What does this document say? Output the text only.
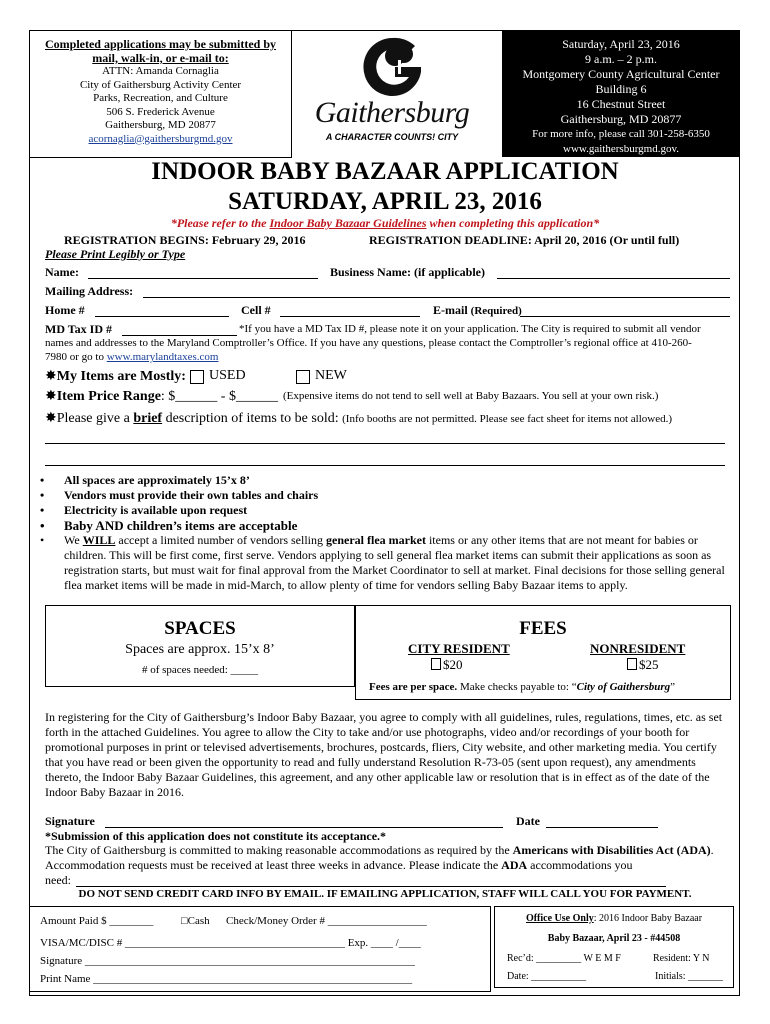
Completed applications may be submitted by
mail, walk-in, or e-mail to:
ATTN: Amanda Cornaglia
City of Gaithersburg Activity Center
Parks, Recreation, and Culture
506 S. Frederick Avenue
Gaithersburg, MD 20877
acornaglia@gaithersburgmd.gov
Gaithersburg
A CHARACTER COUNTS! CITY
Saturday, April 23, 2016
9 a.m. – 2 p.m.
Montgomery County Agricultural Center
Building 6
16 Chestnut Street
Gaithersburg, MD 20877
For more info, please call 301-258-6350
www.gaithersburgmd.gov.
INDOOR BABY BAZAAR APPLICATION
SATURDAY, APRIL 23, 2016
*Please refer to the Indoor Baby Bazaar Guidelines when completing this application*
REGISTRATION BEGINS: February 29, 2016	REGISTRATION DEADLINE: April 20, 2016 (Or until full)
Please Print Legibly or Type
Name:	Business Name: (if applicable)
Mailing Address:
Home #	Cell #	E-mail (Required)
MD Tax ID #	*If you have a MD Tax ID #, please note it on your application. The City is required to submit all vendor
names and addresses to the Maryland Comptroller’s Office. If you have any questions, please contact the Comptroller’s regional office at 410-260-
7980 or go to www.marylandtaxes.com
✸My Items are Mostly: USED	NEW
✸Item Price Range: $______ - $______ (Expensive items do not tend to sell well at Baby Bazaars. You sell at your own risk.)
✸Please give a brief description of items to be sold: (Info booths are not permitted. Please see fact sheet for items not allowed.)
• All spaces are approximately 15’x 8’
• Vendors must provide their own tables and chairs
• Electricity is available upon request
• Baby AND children’s items are acceptable
• We WILL accept a limited number of vendors selling general flea market items or any other items that are not meant for babies or children. This will be first come, first serve. Vendors applying to sell general flea market items can submit their applications as soon as registration starts, but must wait for final approval from the Market Coordinator to sell at market. Final decisions for those selling general flea market items will be made in mid-March, to allow plenty of time for vendors selling Baby Bazaar items to apply.
SPACES
Spaces are approx. 15’x 8’
# of spaces needed: _____
FEES
CITY RESIDENT
$20
NONRESIDENT
$25
Fees are per space. Make checks payable to: “City of Gaithersburg”
In registering for the City of Gaithersburg’s Indoor Baby Bazaar, you agree to comply with all guidelines, rules, regulations, times, etc. as set forth in the attached Guidelines. You agree to allow the City to take and/or use photographs, video and/or recordings of your booth for promotional purposes in print or televised advertisements, brochures, postcards, fliers, City website, and other marketing media. You certify that you have read or been given the opportunity to read and fully understand Resolution R-73-05 (sent upon request), any amendments thereto, the Indoor Baby Bazaar Guidelines, this agreement, and any other applicable law or resolution that is in effect as of the date of the Indoor Baby Bazaar in 2016.
Signature	Date
*Submission of this application does not constitute its acceptance.*
The City of Gaithersburg is committed to making reasonable accommodations as required by the Americans with Disabilities Act (ADA). Accommodation requests must be received at least three weeks in advance. Please indicate the ADA accommodations you
need:
DO NOT SEND CREDIT CARD INFO BY EMAIL. IF EMAILING APPLICATION, STAFF WILL CALL YOU FOR PAYMENT.
Amount Paid $ ________	□Cash Check/Money Order # __________________
VISA/MC/DISC # ________________________________________ Exp. ____ /____
Signature ____________________________________________________________
Print Name __________________________________________________________
Office Use Only: 2016 Indoor Baby Bazaar
Baby Bazaar, April 23 - #44508
Rec’d: _________ W E M F	Resident: Y N
Date: ___________	Initials: _______
